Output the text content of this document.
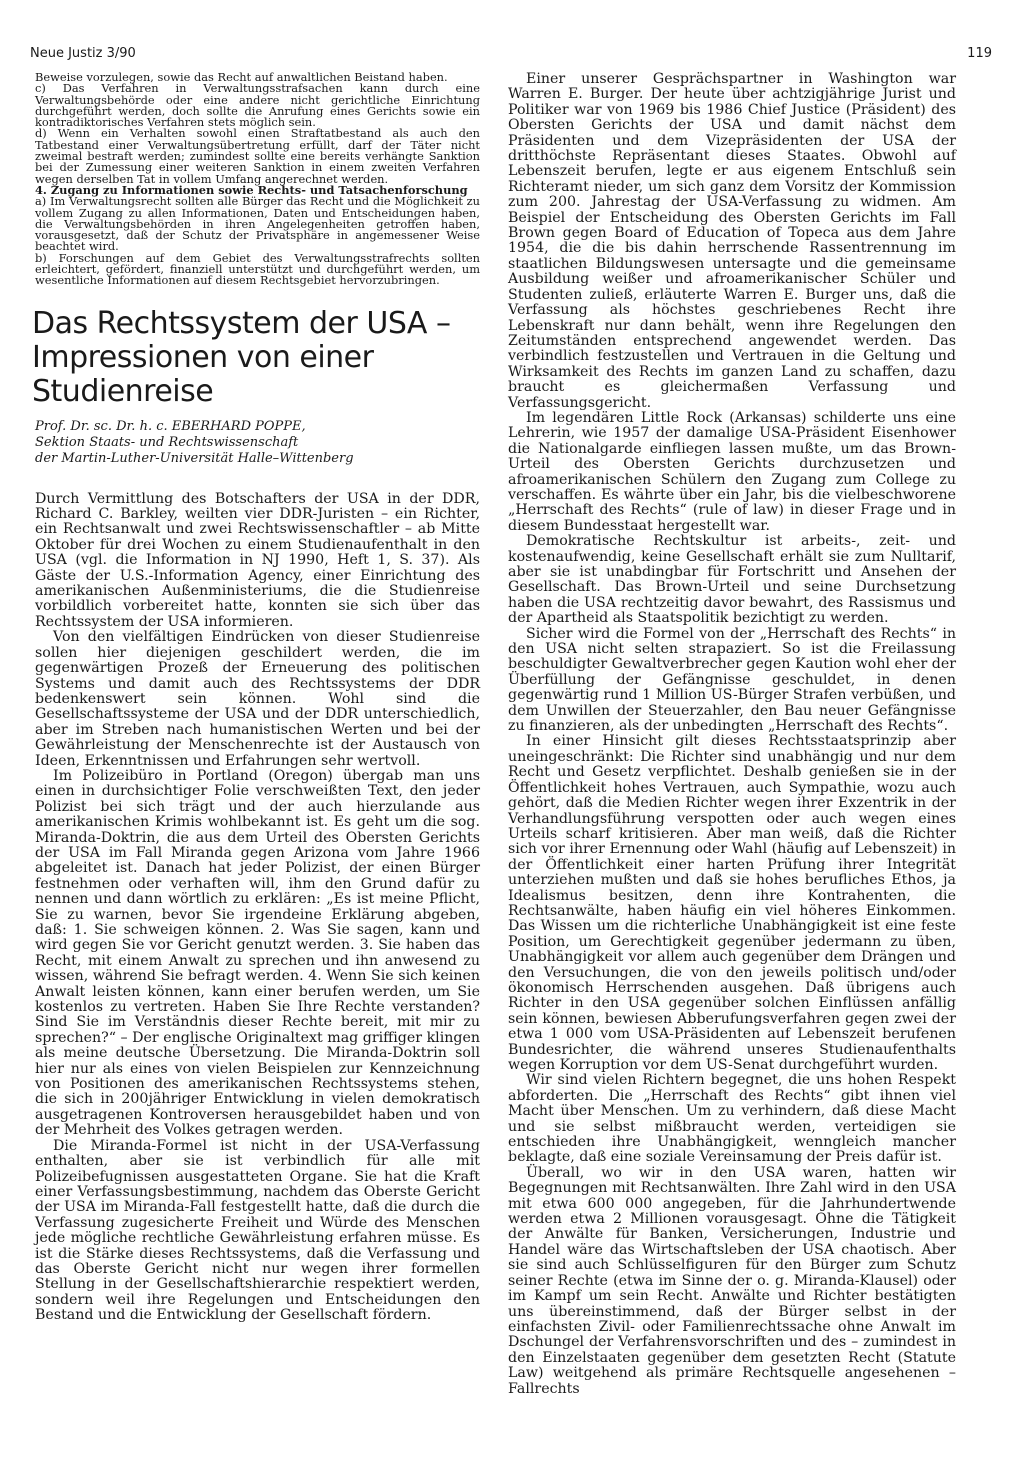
Neue Justiz 3/90	119

Beweise vorzulegen, sowie das Recht auf anwaltlichen Beistand haben.

c) Das Verfahren in Verwaltungsstrafsachen kann durch eine Verwaltungsbehörde oder eine andere nicht gerichtliche Einrichtung durchgeführt werden, doch sollte die Anrufung eines Gerichts sowie ein kontradiktorisches Verfahren stets möglich sein.

d) Wenn ein Verhalten sowohl einen Straftatbestand als auch den Tatbestand einer Verwaltungsübertretung erfüllt, darf der Täter nicht zweimal bestraft werden; zumindest sollte eine bereits verhängte Sanktion bei der Zumessung einer weiteren Sanktion in einem zweiten Verfahren wegen derselben Tat in vollem Umfang angerechnet werden.

4. Zugang zu Informationen sowie Rechts- und Tatsachenforschung

a) Im Verwaltungsrecht sollten alle Bürger das Recht und die Möglichkeit zu vollem Zugang zu allen Informationen, Daten und Entscheidungen haben, die Verwaltungsbehörden in ihren Angelegenheiten getroffen haben, vorausgesetzt, daß der Schutz der Privatsphäre in angemessener Weise beachtet wird.

b) Forschungen auf dem Gebiet des Verwaltungsstrafrechts sollten erleichtert, gefördert, finanziell unterstützt und durchgeführt werden, um wesentliche Informationen auf diesem Rechtsgebiet hervorzubringen.

Das Rechtssystem der USA –
Impressionen von einer Studienreise
Prof. Dr. sc. Dr. h. c. EBERHARD POPPE,
Sektion Staats- und Rechtswissenschaft
der Martin-Luther-Universität Halle–Wittenberg

Durch Vermittlung des Botschafters der USA in der DDR, Richard C. Barkley, weilten vier DDR-Juristen – ein Richter, ein Rechtsanwalt und zwei Rechtswissenschaftler – ab Mitte Oktober für drei Wochen zu einem Studienaufenthalt in den USA (vgl. die Information in NJ 1990, Heft 1, S. 37). Als Gäste der U.S.-Information Agency, einer Einrichtung des amerikanischen Außenministeriums, die die Studienreise vorbildlich vorbereitet hatte, konnten sie sich über das Rechtssystem der USA informieren.

Von den vielfältigen Eindrücken von dieser Studienreise sollen hier diejenigen geschildert werden, die im gegenwärtigen Prozeß der Erneuerung des politischen Systems und damit auch des Rechtssystems der DDR bedenkenswert sein können. Wohl sind die Gesellschaftssysteme der USA und der DDR unterschiedlich, aber im Streben nach humanistischen Werten und bei der Gewährleistung der Menschenrechte ist der Austausch von Ideen, Erkenntnissen und Erfahrungen sehr wertvoll.

Im Polizeibüro in Portland (Oregon) übergab man uns einen in durchsichtiger Folie verschweißten Text, den jeder Polizist bei sich trägt und der auch hierzulande aus amerikanischen Krimis wohlbekannt ist. Es geht um die sog. Miranda-Doktrin, die aus dem Urteil des Obersten Gerichts der USA im Fall Miranda gegen Arizona vom Jahre 1966 abgeleitet ist. Danach hat jeder Polizist, der einen Bürger festnehmen oder verhaften will, ihm den Grund dafür zu nennen und dann wörtlich zu erklären: „Es ist meine Pflicht, Sie zu warnen, bevor Sie irgendeine Erklärung abgeben, daß: 1. Sie schweigen können. 2. Was Sie sagen, kann und wird gegen Sie vor Gericht genutzt werden. 3. Sie haben das Recht, mit einem Anwalt zu sprechen und ihn anwesend zu wissen, während Sie befragt werden. 4. Wenn Sie sich keinen Anwalt leisten können, kann einer berufen werden, um Sie kostenlos zu vertreten. Haben Sie Ihre Rechte verstanden? Sind Sie im Verständnis dieser Rechte bereit, mit mir zu sprechen?“ – Der englische Originaltext mag griffiger klingen als meine deutsche Übersetzung. Die Miranda-Doktrin soll hier nur als eines von vielen Beispielen zur Kennzeichnung von Positionen des amerikanischen Rechtssystems stehen, die sich in 200jähriger Entwicklung in vielen demokratisch ausgetragenen Kontroversen herausgebildet haben und von der Mehrheit des Volkes getragen werden.

Die Miranda-Formel ist nicht in der USA-Verfassung enthalten, aber sie ist verbindlich für alle mit Polizeibefugnissen ausgestatteten Organe. Sie hat die Kraft einer Verfassungsbestimmung, nachdem das Oberste Gericht der USA im Miranda-Fall festgestellt hatte, daß die durch die Verfassung zugesicherte Freiheit und Würde des Menschen jede mögliche rechtliche Gewährleistung erfahren müsse. Es ist die Stärke dieses Rechtssystems, daß die Verfassung und das Oberste Gericht nicht nur wegen ihrer formellen Stellung in der Gesellschaftshierarchie respektiert werden, sondern weil ihre Regelungen und Entscheidungen den Bestand und die Entwicklung der Gesellschaft fördern.

Einer unserer Gesprächspartner in Washington war Warren E. Burger. Der heute über achtzigjährige Jurist und Politiker war von 1969 bis 1986 Chief Justice (Präsident) des Obersten Gerichts der USA und damit nächst dem Präsidenten und dem Vizepräsidenten der USA der dritthöchste Repräsentant dieses Staates. Obwohl auf Lebenszeit berufen, legte er aus eigenem Entschluß sein Richteramt nieder, um sich ganz dem Vorsitz der Kommission zum 200. Jahrestag der USA-Verfassung zu widmen. Am Beispiel der Entscheidung des Obersten Gerichts im Fall Brown gegen Board of Education of Topeca aus dem Jahre 1954, die die bis dahin herrschende Rassentrennung im staatlichen Bildungswesen untersagte und die gemeinsame Ausbildung weißer und afroamerikanischer Schüler und Studenten zuließ, erläuterte Warren E. Burger uns, daß die Verfassung als höchstes geschriebenes Recht ihre Lebenskraft nur dann behält, wenn ihre Regelungen den Zeitumständen entsprechend angewendet werden. Das verbindlich festzustellen und Vertrauen in die Geltung und Wirksamkeit des Rechts im ganzen Land zu schaffen, dazu braucht es gleichermaßen Verfassung und Verfassungsgericht.

Im legendären Little Rock (Arkansas) schilderte uns eine Lehrerin, wie 1957 der damalige USA-Präsident Eisenhower die Nationalgarde einfliegen lassen mußte, um das Brown-Urteil des Obersten Gerichts durchzusetzen und afroamerikanischen Schülern den Zugang zum College zu verschaffen. Es währte über ein Jahr, bis die vielbeschworene „Herrschaft des Rechts“ (rule of law) in dieser Frage und in diesem Bundesstaat hergestellt war.

Demokratische Rechtskultur ist arbeits-, zeit- und kostenaufwendig, keine Gesellschaft erhält sie zum Nulltarif, aber sie ist unabdingbar für Fortschritt und Ansehen der Gesellschaft. Das Brown-Urteil und seine Durchsetzung haben die USA rechtzeitig davor bewahrt, des Rassismus und der Apartheid als Staatspolitik bezichtigt zu werden.

Sicher wird die Formel von der „Herrschaft des Rechts“ in den USA nicht selten strapaziert. So ist die Freilassung beschuldigter Gewaltverbrecher gegen Kaution wohl eher der Überfüllung der Gefängnisse geschuldet, in denen gegenwärtig rund 1 Million US-Bürger Strafen verbüßen, und dem Unwillen der Steuerzahler, den Bau neuer Gefängnisse zu finanzieren, als der unbedingten „Herrschaft des Rechts“.

In einer Hinsicht gilt dieses Rechtsstaatsprinzip aber uneingeschränkt: Die Richter sind unabhängig und nur dem Recht und Gesetz verpflichtet. Deshalb genießen sie in der Öffentlichkeit hohes Vertrauen, auch Sympathie, wozu auch gehört, daß die Medien Richter wegen ihrer Exzentrik in der Verhandlungsführung verspotten oder auch wegen eines Urteils scharf kritisieren. Aber man weiß, daß die Richter sich vor ihrer Ernennung oder Wahl (häufig auf Lebenszeit) in der Öffentlichkeit einer harten Prüfung ihrer Integrität unterziehen mußten und daß sie hohes berufliches Ethos, ja Idealismus besitzen, denn ihre Kontrahenten, die Rechtsanwälte, haben häufig ein viel höheres Einkommen. Das Wissen um die richterliche Unabhängigkeit ist eine feste Position, um Gerechtigkeit gegenüber jedermann zu üben, Unabhängigkeit vor allem auch gegenüber dem Drängen und den Versuchungen, die von den jeweils politisch und/oder ökonomisch Herrschenden ausgehen. Daß übrigens auch Richter in den USA gegenüber solchen Einflüssen anfällig sein können, bewiesen Abberufungsverfahren gegen zwei der etwa 1 000 vom USA-Präsidenten auf Lebenszeit berufenen Bundesrichter, die während unseres Studienaufenthalts wegen Korruption vor dem US-Senat durchgeführt wurden.

Wir sind vielen Richtern begegnet, die uns hohen Respekt abforderten. Die „Herrschaft des Rechts“ gibt ihnen viel Macht über Menschen. Um zu verhindern, daß diese Macht und sie selbst mißbraucht werden, verteidigen sie entschieden ihre Unabhängigkeit, wenngleich mancher beklagte, daß eine soziale Vereinsamung der Preis dafür ist.

Überall, wo wir in den USA waren, hatten wir Begegnungen mit Rechtsanwälten. Ihre Zahl wird in den USA mit etwa 600 000 angegeben, für die Jahrhundertwende werden etwa 2 Millionen vorausgesagt. Ohne die Tätigkeit der Anwälte für Banken, Versicherungen, Industrie und Handel wäre das Wirtschaftsleben der USA chaotisch. Aber sie sind auch Schlüsselfiguren für den Bürger zum Schutz seiner Rechte (etwa im Sinne der o. g. Miranda-Klausel) oder im Kampf um sein Recht. Anwälte und Richter bestätigten uns übereinstimmend, daß der Bürger selbst in der einfachsten Zivil- oder Familienrechtssache ohne Anwalt im Dschungel der Verfahrensvorschriften und des – zumindest in den Einzelstaaten gegenüber dem gesetzten Recht (Statute Law) weitgehend als primäre Rechtsquelle angesehenen – Fallrechts
